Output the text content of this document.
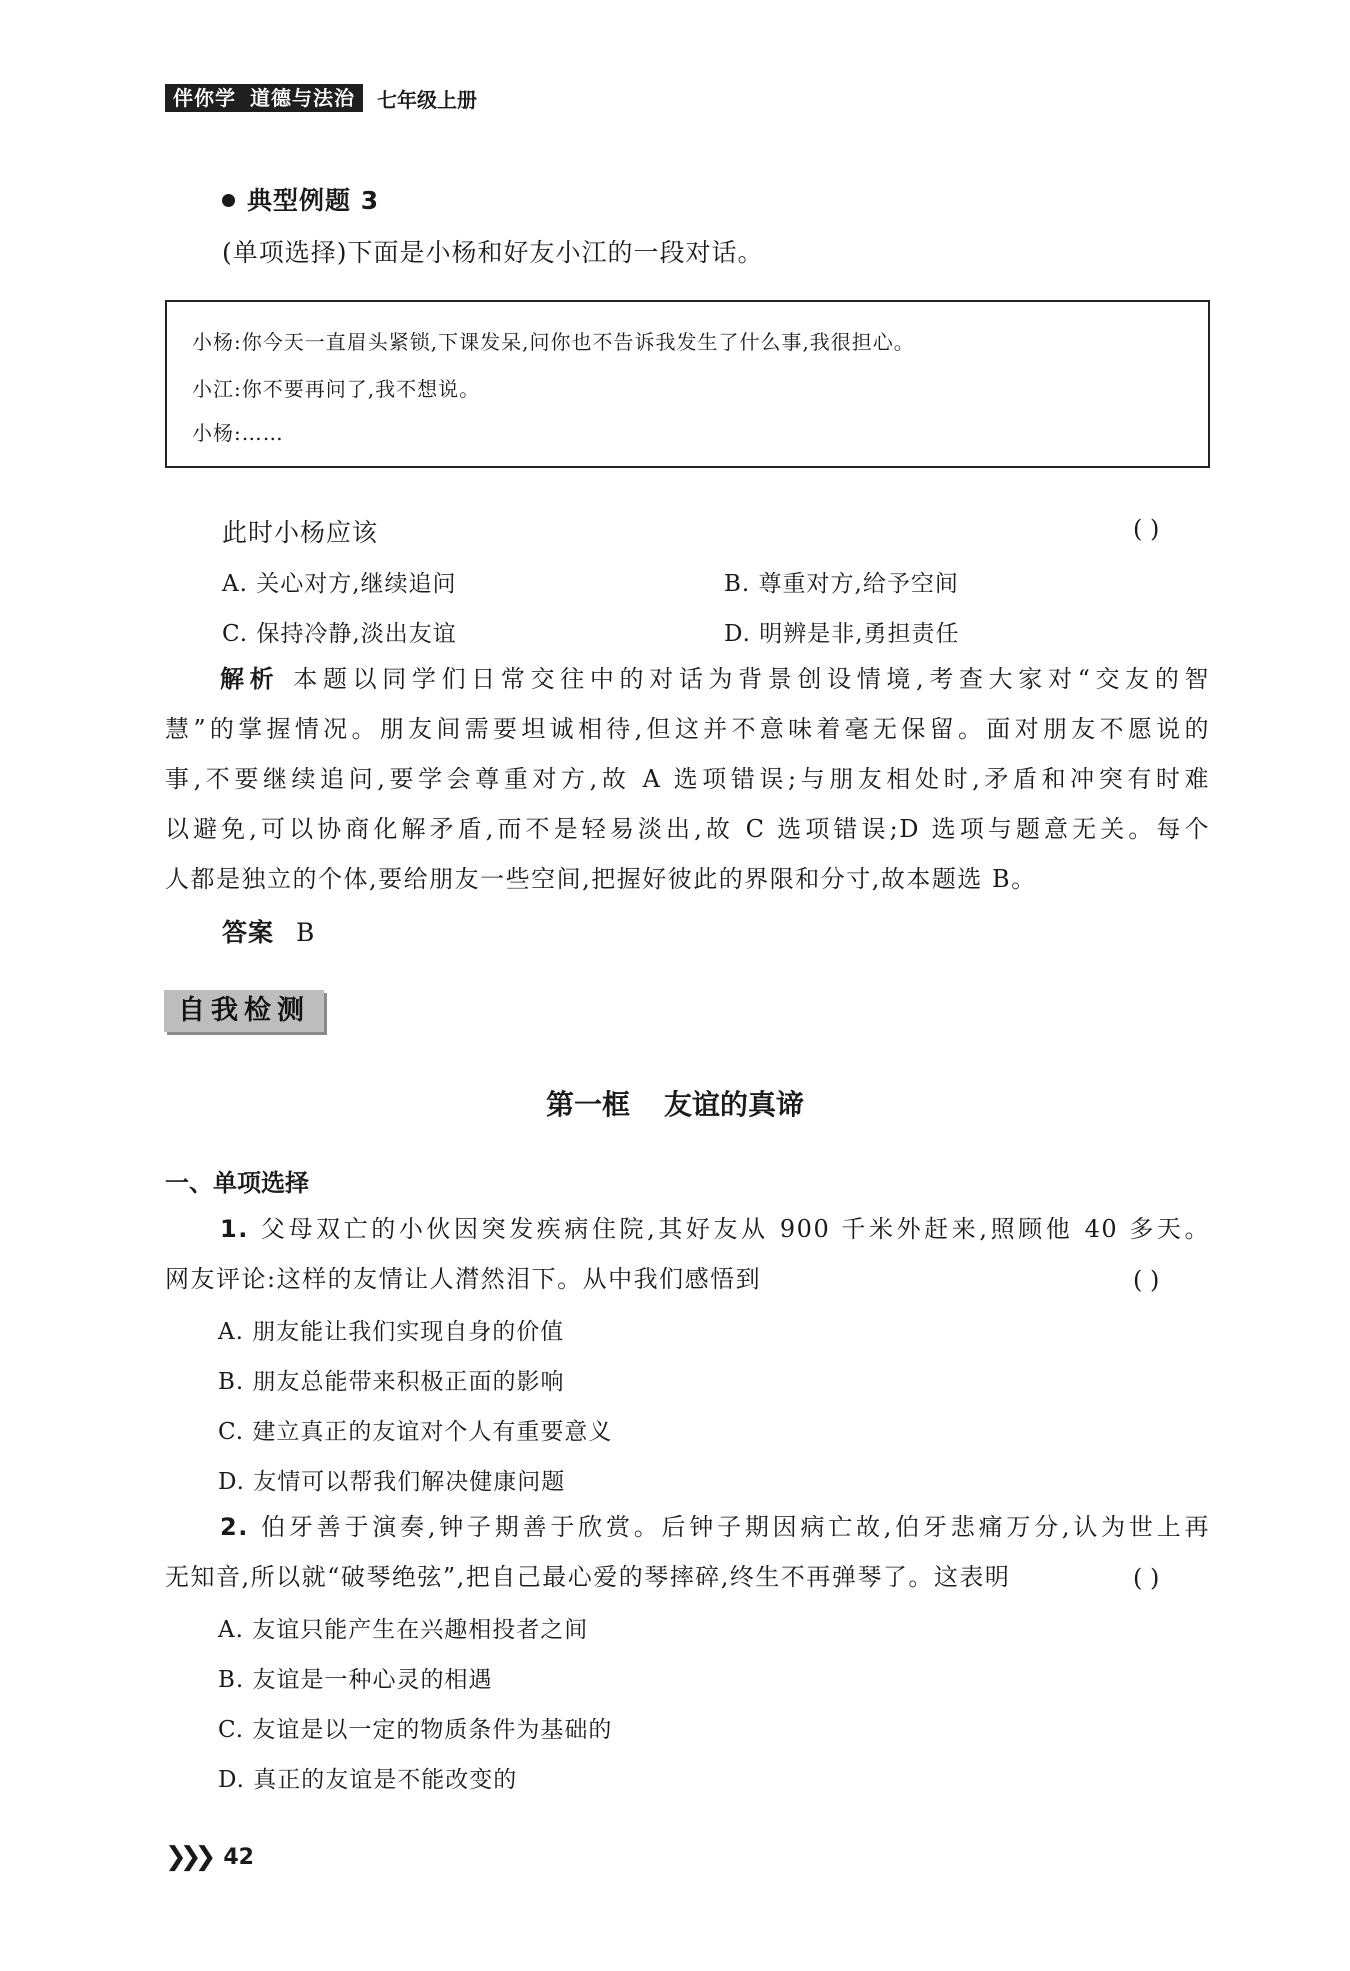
伴你学 道德与法治	七年级上册
典型例题 3
(单项选择)下面是小杨和好友小江的一段对话。
小杨:你今天一直眉头紧锁,下课发呆,问你也不告诉我发生了什么事,我很担心。
小江:你不要再问了,我不想说。
小杨:……
此时小杨应该	( )
A. 关心对方,继续追问	B. 尊重对方,给予空间
C. 保持冷静,淡出友谊	D. 明辨是非,勇担责任
解析 本题以同学们日常交往中的对话为背景创设情境,考查大家对“交友的智
慧”的掌握情况。朋友间需要坦诚相待,但这并不意味着毫无保留。面对朋友不愿说的
事,不要继续追问,要学会尊重对方,故 A 选项错误;与朋友相处时,矛盾和冲突有时难
以避免,可以协商化解矛盾,而不是轻易淡出,故 C 选项错误;D 选项与题意无关。每个
人都是独立的个体,要给朋友一些空间,把握好彼此的界限和分寸,故本题选 B。
答案 B
自我检测
第一框 友谊的真谛
一、单项选择
1. 父母双亡的小伙因突发疾病住院,其好友从 900 千米外赶来,照顾他 40 多天。
网友评论:这样的友情让人潸然泪下。从中我们感悟到	( )
A. 朋友能让我们实现自身的价值
B. 朋友总能带来积极正面的影响
C. 建立真正的友谊对个人有重要意义
D. 友情可以帮我们解决健康问题
2. 伯牙善于演奏,钟子期善于欣赏。后钟子期因病亡故,伯牙悲痛万分,认为世上再
无知音,所以就“破琴绝弦”,把自己最心爱的琴摔碎,终生不再弹琴了。这表明	( )
A. 友谊只能产生在兴趣相投者之间
B. 友谊是一种心灵的相遇
C. 友谊是以一定的物质条件为基础的
D. 真正的友谊是不能改变的
❯❯❯ 42
